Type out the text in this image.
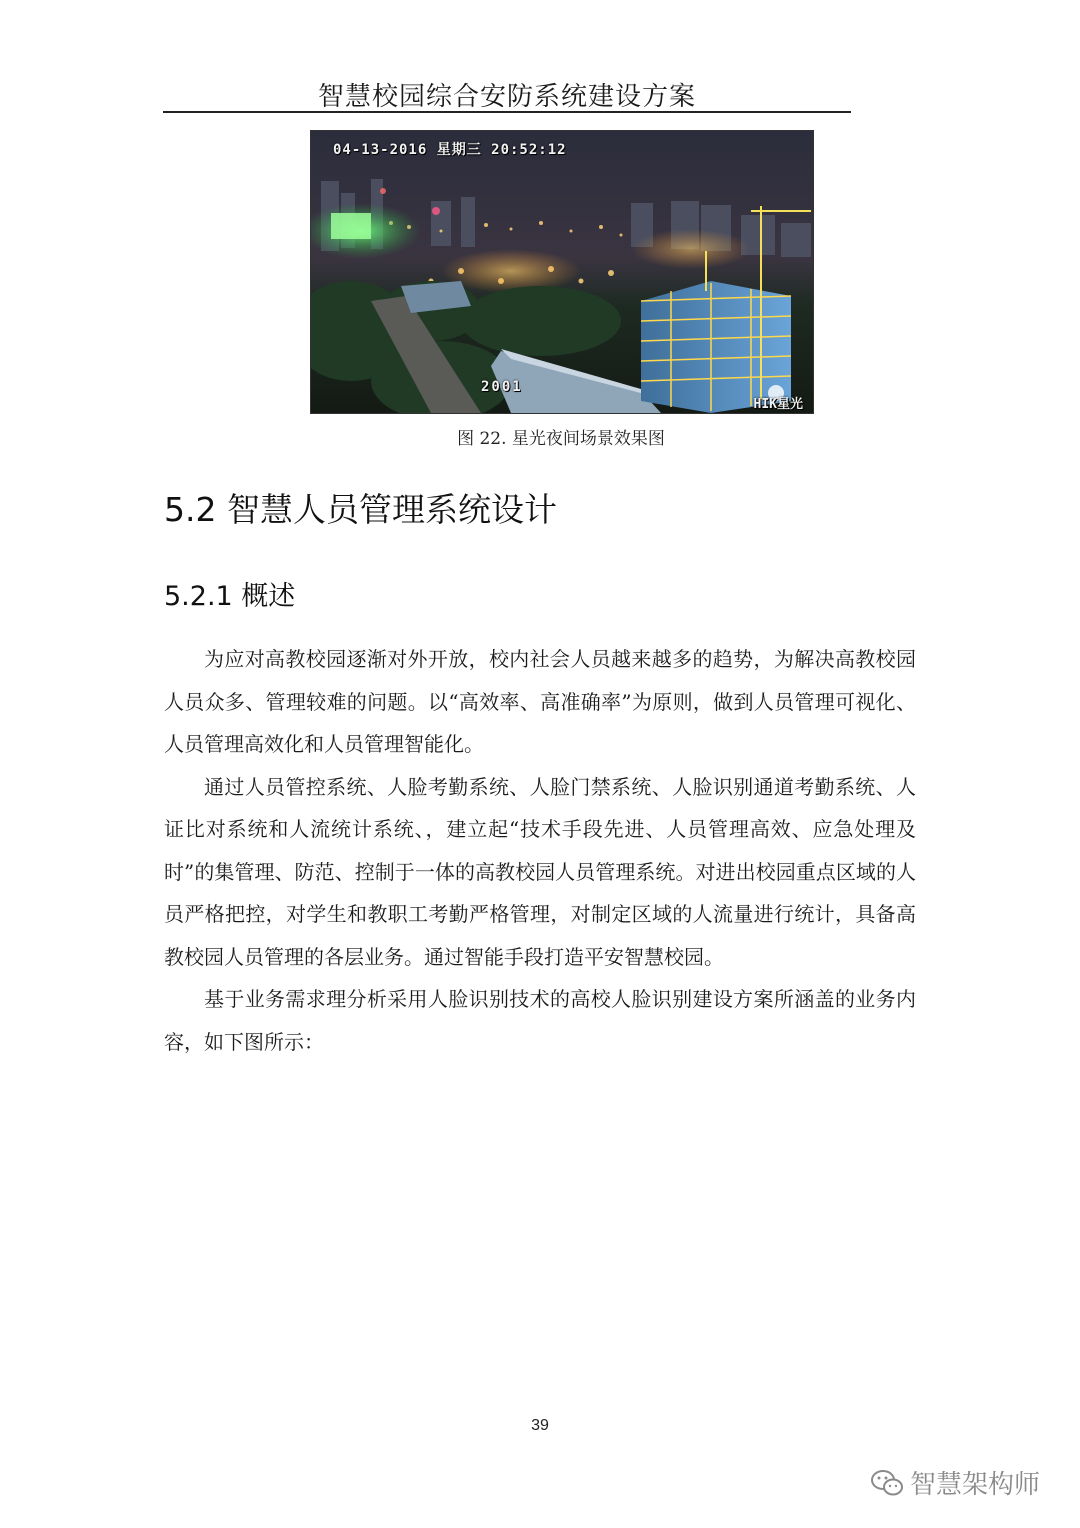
智慧校园综合安防系统建设方案
04-13-2016 星期三 20:52:12
2001
HIK星光
图 22. 星光夜间场景效果图
5.2 智慧人员管理系统设计
5.2.1 概述

为应对高教校园逐渐对外开放，校内社会人员越来越多的趋势，为解决高教校园人员众多、管理较难的问题。以“高效率、高准确率”为原则，做到人员管理可视化、人员管理高效化和人员管理智能化。

通过人员管控系统、人脸考勤系统、人脸门禁系统、人脸识别通道考勤系统、人证比对系统和人流统计系统、，建立起“技术手段先进、人员管理高效、应急处理及时”的集管理、防范、控制于一体的高教校园人员管理系统。对进出校园重点区域的人员严格把控，对学生和教职工考勤严格管理，对制定区域的人流量进行统计，具备高教校园人员管理的各层业务。通过智能手段打造平安智慧校园。

基于业务需求理分析采用人脸识别技术的高校人脸识别建设方案所涵盖的业务内容，如下图所示：

39
智慧架构师
